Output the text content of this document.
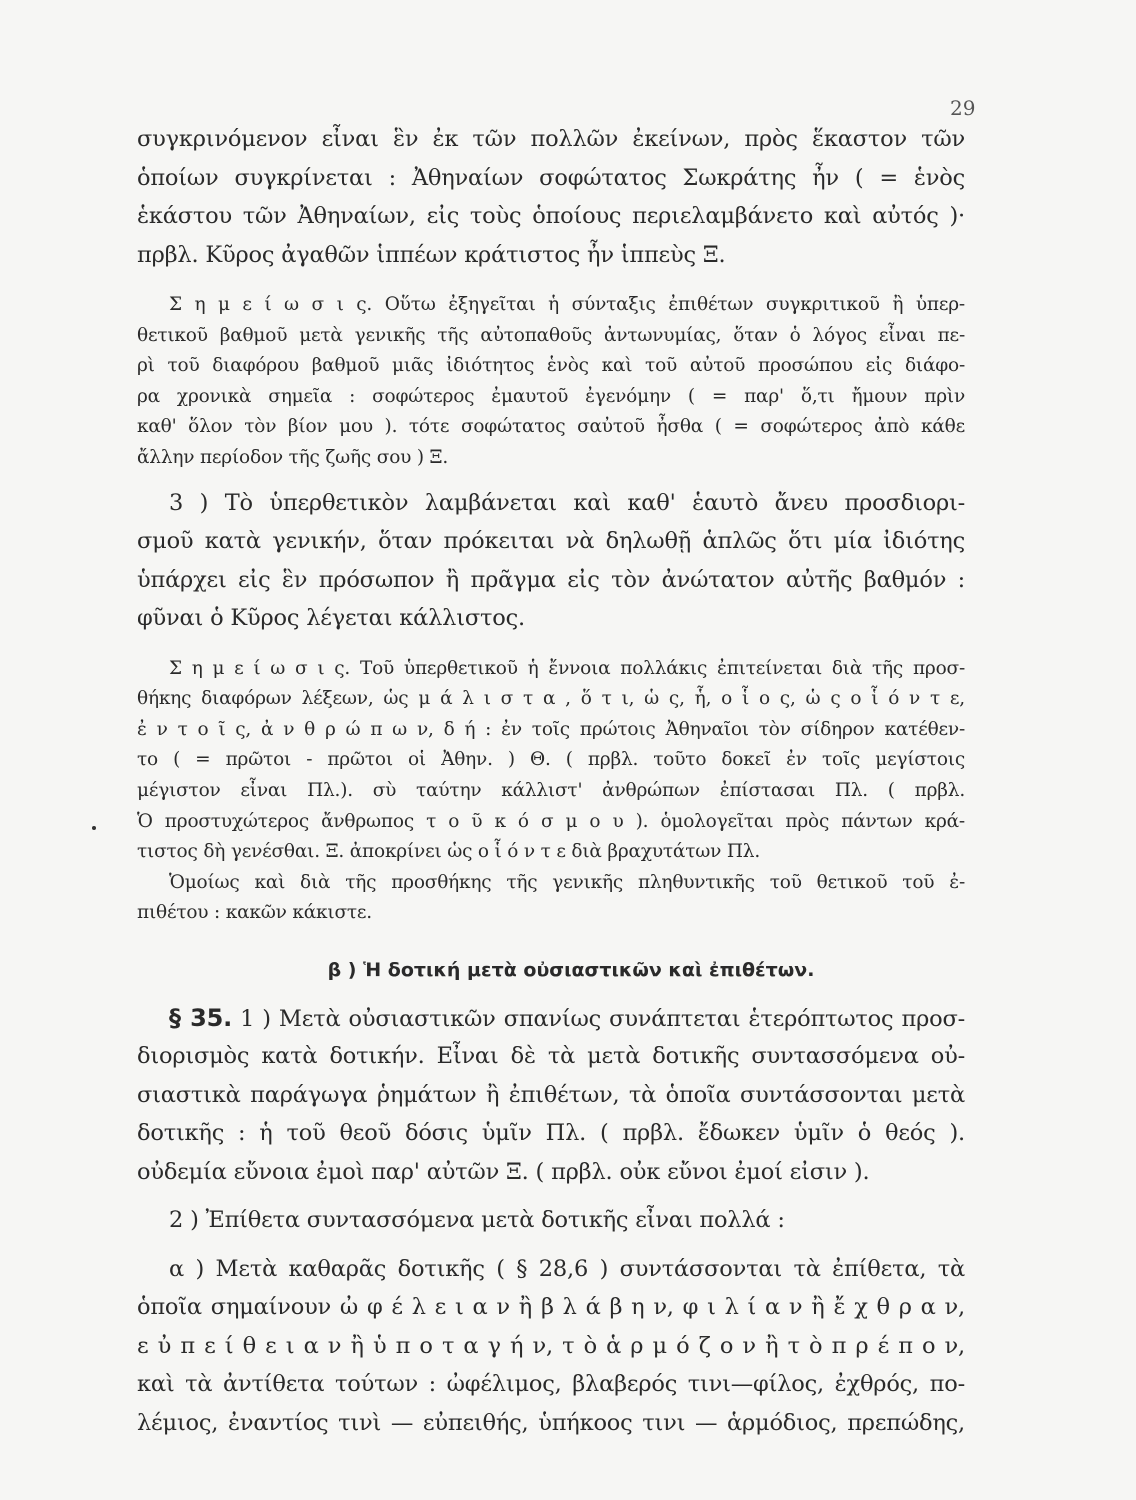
29
συγκρινόμενον εἶναι ἓν ἐκ τῶν πολλῶν ἐκείνων, πρὸς ἕκαστον τῶν
ὁποίων συγκρίνεται : Ἀθηναίων σοφώτατος Σωκράτης ἦν ( = ἑνὸς
ἑκάστου τῶν Ἀθηναίων, εἰς τοὺς ὁποίους περιελαμβάνετο καὶ αὐτός )·
πρβλ. Κῦρος ἀγαθῶν ἱππέων κράτιστος ἦν ἱππεὺς Ξ.
Σ η μ ε ί ω σ ι ς. Οὕτω ἐξηγεῖται ἡ σύνταξις ἐπιθέτων συγκριτικοῦ ἢ ὑπερ-
θετικοῦ βαθμοῦ μετὰ γενικῆς τῆς αὐτοπαθοῦς ἀντωνυμίας, ὅταν ὁ λόγος εἶναι πε-
ρὶ τοῦ διαφόρου βαθμοῦ μιᾶς ἰδιότητος ἑνὸς καὶ τοῦ αὐτοῦ προσώπου εἰς διάφο-
ρα χρονικὰ σημεῖα : σοφώτερος ἐμαυτοῦ ἐγενόμην ( = παρ' ὅ,τι ἤμουν πρὶν
καθ' ὅλον τὸν βίον μου ). τότε σοφώτατος σαὐτοῦ ἦσθα ( = σοφώτερος ἀπὸ κάθε
ἄλλην περίοδον τῆς ζωῆς σου ) Ξ.
3 ) Τὸ ὑπερθετικὸν λαμβάνεται καὶ καθ' ἑαυτὸ ἄνευ προσδιορι-
σμοῦ κατὰ γενικήν, ὅταν πρόκειται νὰ δηλωθῇ ἁπλῶς ὅτι μία ἰδιότης
ὑπάρχει εἰς ἓν πρόσωπον ἢ πρᾶγμα εἰς τὸν ἀνώτατον αὐτῆς βαθμόν :
φῦναι ὁ Κῦρος λέγεται κάλλιστος.
Σ η μ ε ί ω σ ι ς. Τοῦ ὑπερθετικοῦ ἡ ἔννοια πολλάκις ἐπιτείνεται διὰ τῆς προσ-
θήκης διαφόρων λέξεων, ὡς μ ά λ ι σ τ α , ὅ τ ι, ὡ ς, ἧ, ο ἷ ο ς, ὡ ς ο ἷ ό ν τ ε,
ἐ ν τ ο ῖ ς, ἀ ν θ ρ ώ π ω ν, δ ή : ἐν τοῖς πρώτοις Ἀθηναῖοι τὸν σίδηρον κατέθεν-
το ( = πρῶτοι - πρῶτοι οἱ Ἀθην. ) Θ. ( πρβλ. τοῦτο δοκεῖ ἐν τοῖς μεγίστοις
μέγιστον εἶναι Πλ.). σὺ ταύτην κάλλιστ' ἀνθρώπων ἐπίστασαι Πλ. ( πρβλ.
Ὁ προστυχώτερος ἄνθρωπος τ ο ῦ κ ό σ μ ο υ ). ὁμολογεῖται πρὸς πάντων κρά-
τιστος δὴ γενέσθαι. Ξ. ἀποκρίνει ὡς ο ἷ ό ν τ ε διὰ βραχυτάτων Πλ.
Ὁμοίως καὶ διὰ τῆς προσθήκης τῆς γενικῆς πληθυντικῆς τοῦ θετικοῦ τοῦ ἐ-
πιθέτου : κακῶν κάκιστε.
β ) Ἡ δοτική μετὰ οὐσιαστικῶν καὶ ἐπιθέτων.
§ 35. 1 ) Μετὰ οὐσιαστικῶν σπανίως συνάπτεται ἑτερόπτωτος προσ-
διορισμὸς κατὰ δοτικήν. Εἶναι δὲ τὰ μετὰ δοτικῆς συντασσόμενα οὐ-
σιαστικὰ παράγωγα ῥημάτων ἢ ἐπιθέτων, τὰ ὁποῖα συντάσσονται μετὰ
δοτικῆς : ἡ τοῦ θεοῦ δόσις ὑμῖν Πλ. ( πρβλ. ἔδωκεν ὑμῖν ὁ θεός ).
οὐδεμία εὔνοια ἐμοὶ παρ' αὐτῶν Ξ. ( πρβλ. οὐκ εὔνοι ἐμοί εἰσιν ).
2 ) Ἐπίθετα συντασσόμενα μετὰ δοτικῆς εἶναι πολλά :
α ) Μετὰ καθαρᾶς δοτικῆς ( § 28,6 ) συντάσσονται τὰ ἐπίθετα, τὰ
ὁποῖα σημαίνουν ὠ φ έ λ ε ι α ν ἢ β λ ά β η ν, φ ι λ ί α ν ἢ ἔ χ θ ρ α ν,
ε ὐ π ε ί θ ε ι α ν ἢ ὑ π ο τ α γ ή ν, τ ὸ ἁ ρ μ ό ζ ο ν ἢ τ ὸ π ρ έ π ο ν,
καὶ τὰ ἀντίθετα τούτων : ὠφέλιμος, βλαβερός τινι—φίλος, ἐχθρός, πο-
λέμιος, ἐναντίος τινὶ — εὐπειθής, ὑπήκοος τινι — ἁρμόδιος, πρεπώδης,
